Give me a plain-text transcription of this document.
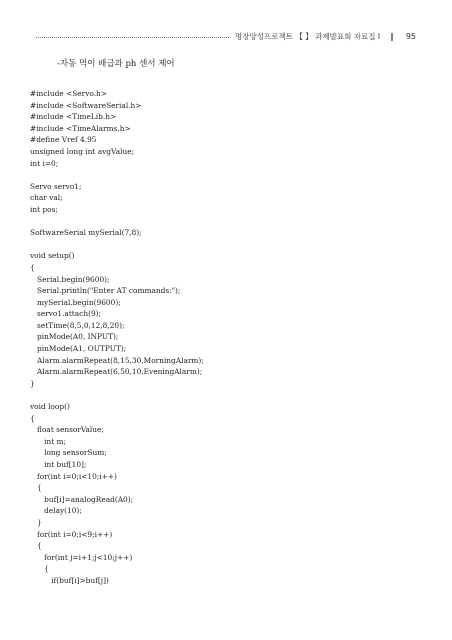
명장양성프로젝트 【 】 과제발표회 자료집 I ‖ 95
-자동 먹이 배급과 ph 센서 제어
#include <Servo.h>
#include <SoftwareSerial.h>
#include <TimeLib.h>
#include <TimeAlarms.h>
#define Vref 4.95
unsigned long int avgValue;
int i=0;
Servo servo1;
char val;
int pos;
SoftwareSerial mySerial(7,8);
void setup()
{
Serial.begin(9600);
Serial.println("Enter AT commands:");
mySerial.begin(9600);
servo1.attach(9);
setTime(8,5,0,12,8,20);
pinMode(A0, INPUT);
pinMode(A1, OUTPUT);
Alarm.alarmRepeat(8,15,30,MorningAlarm);
Alarm.alarmRepeat(6,50,10,EveningAlarm);
}
void loop()
{
float sensorValue;
int m;
long sensorSum;
int buf[10];
for(int i=0;i<10;i++)
{
buf[i]=analogRead(A0);
delay(10);
}
for(int i=0;i<9;i++)
{
for(int j=i+1;j<10;j++)
{
if(buf[i]>buf[j])
